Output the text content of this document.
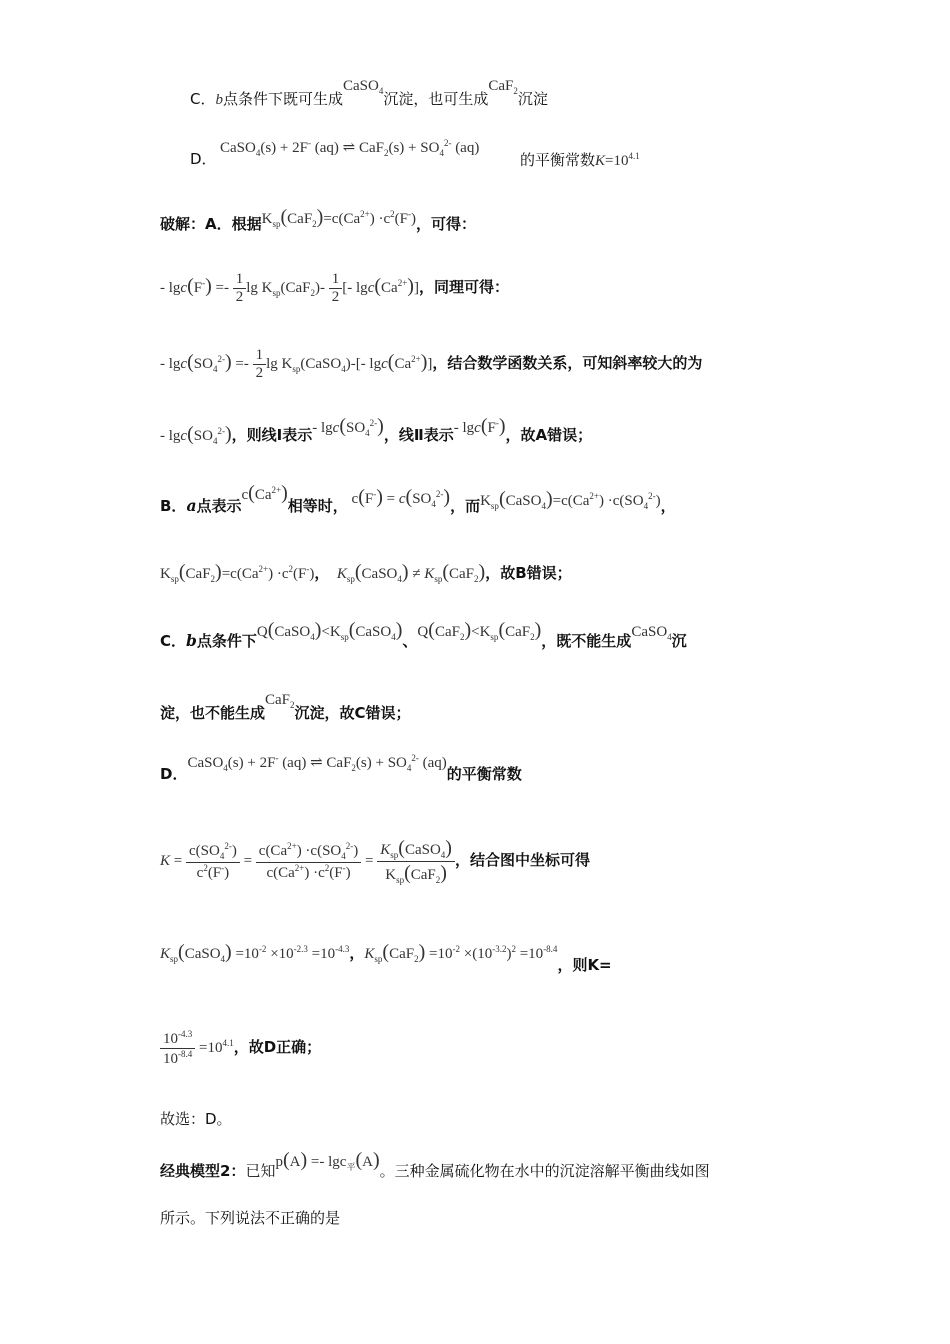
C．b点条件下既可生成CaSO$_4$沉淀，也可生成CaF$_2$沉淀
D．
CaSO$_4$(s) + 2F- (aq) ⇌ $CaF_2(s) + SO_4^{2-}$ (aq)
的平衡常数$K=10^{4.1}$
破解：A．根据$K_{sp}(CaF_2)=c(Ca^{2+}) \cdot c^2(F^-)$，可得：
- $\lg c(F^-) =- \frac{1}{2}$ $\lg K_{sp}(CaF_2)- \frac{1}{2}$ [- $\lg c(Ca^{2+})$]，同理可得：
- $\lg c(SO_4^{2-}) =- \frac{1}{2}$ $\lg K_{sp}(CaSO_4)-[-$ $\lg c(Ca^{2+})$]，结合数学函数关系，可知斜率较大的为
- $\lg c(SO_4^{2-})$，则线Ⅰ表示- $\lg c(SO_4^{2-})$，线Ⅱ表示- lgc(F-)，故A错误；
B．a点表示$c(Ca^{2+})$相等时， $c(F^-) = c(SO_4^{2-})$，而$K_{sp}(CaSO_4)=c(Ca^{2+}) \cdot c(SO_4^{2-})$，
$K_{sp}(CaF_2)=c(Ca^{2+}) \cdot c^2(F^-)$， $K_{sp}(CaSO_4) \ne K_{sp}(CaF_2)$，故B错误；
C．b点条件下$Q(CaSO_4)<K_{sp}(CaSO_4)$、$Q(CaF_2)<K_{sp}(CaF_2)$，既不能生成CaSO$_4$沉
淀，也不能生成CaF$_2$沉淀，故C错误；
D．CaSO$_4$(s) + 2F- (aq) ⇌ $CaF_2(s) + SO_4^{2-}$ (aq)的平衡常数
$K = \frac{c(SO_4^{2-})}{c^2(F^-)} = \frac{c(Ca^{2+}) \cdot c(SO_4^{2-})}{c(Ca^{2+}) \cdot c^2(F^-)} = \frac{K_{sp}(CaSO_4)}{K_{sp}(CaF_2)}$ ，结合图中坐标可得
$K_{sp}(CaSO_4) =10^{-2} \times 10^{-2.3} =10^{-4.3}$，$K_{sp}(CaF_2) =10^{-2} \times(10^{-3.2})^2 =10^{-8.4}$，则K=
$\frac{10^{-4.3}}{10^{-8.4}} =10^{4.1}$，故D正确；
故选：D。
经典模型2：已知p(A) =- lgc$_平$(A)。三种金属硫化物在水中的沉淀溶解平衡曲线如图
所示。下列说法不正确的是
